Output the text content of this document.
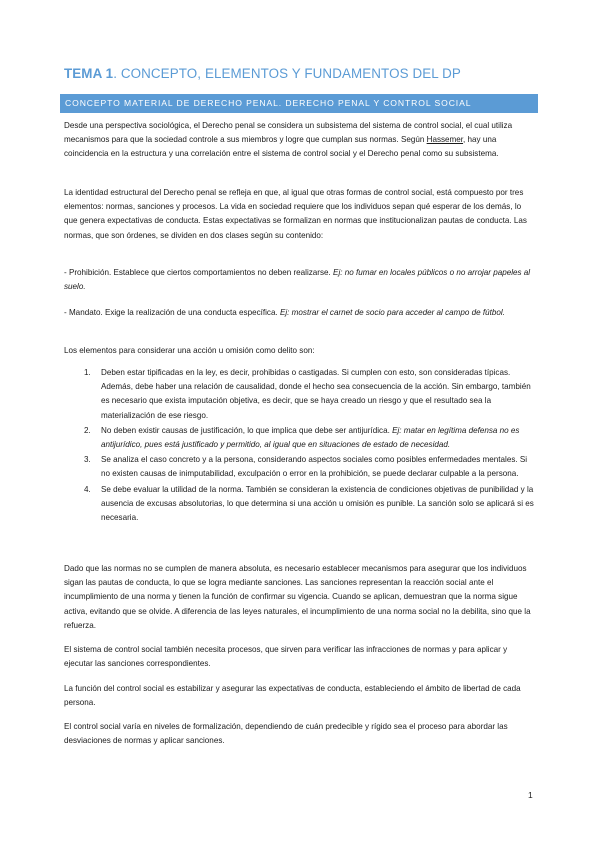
TEMA 1. CONCEPTO, ELEMENTOS Y FUNDAMENTOS DEL DP
CONCEPTO MATERIAL DE DERECHO PENAL. DERECHO PENAL Y CONTROL SOCIAL

Desde una perspectiva sociológica, el Derecho penal se considera un subsistema del sistema de control social, el cual utiliza mecanismos para que la sociedad controle a sus miembros y logre que cumplan sus normas. Según Hassemer, hay una coincidencia en la estructura y una correlación entre el sistema de control social y el Derecho penal como su subsistema.

La identidad estructural del Derecho penal se refleja en que, al igual que otras formas de control social, está compuesto por tres elementos: normas, sanciones y procesos. La vida en sociedad requiere que los individuos sepan qué esperar de los demás, lo que genera expectativas de conducta. Estas expectativas se formalizan en normas que institucionalizan pautas de conducta. Las normas, que son órdenes, se dividen en dos clases según su contenido:

- Prohibición. Establece que ciertos comportamientos no deben realizarse. Ej: no fumar en locales públicos o no arrojar papeles al suelo.

- Mandato. Exige la realización de una conducta específica. Ej: mostrar el carnet de socio para acceder al campo de fútbol.

Los elementos para considerar una acción u omisión como delito son:

1. Deben estar tipificadas en la ley, es decir, prohibidas o castigadas. Si cumplen con esto, son consideradas típicas. Además, debe haber una relación de causalidad, donde el hecho sea consecuencia de la acción. Sin embargo, también es necesario que exista imputación objetiva, es decir, que se haya creado un riesgo y que el resultado sea la materialización de ese riesgo.
2. No deben existir causas de justificación, lo que implica que debe ser antijurídica. Ej: matar en legítima defensa no es antijurídico, pues está justificado y permitido, al igual que en situaciones de estado de necesidad.
3. Se analiza el caso concreto y a la persona, considerando aspectos sociales como posibles enfermedades mentales. Si no existen causas de inimputabilidad, exculpación o error en la prohibición, se puede declarar culpable a la persona.
4. Se debe evaluar la utilidad de la norma. También se consideran la existencia de condiciones objetivas de punibilidad y la ausencia de excusas absolutorias, lo que determina si una acción u omisión es punible. La sanción solo se aplicará si es necesaria.

Dado que las normas no se cumplen de manera absoluta, es necesario establecer mecanismos para asegurar que los individuos sigan las pautas de conducta, lo que se logra mediante sanciones. Las sanciones representan la reacción social ante el incumplimiento de una norma y tienen la función de confirmar su vigencia. Cuando se aplican, demuestran que la norma sigue activa, evitando que se olvide. A diferencia de las leyes naturales, el incumplimiento de una norma social no la debilita, sino que la refuerza.

El sistema de control social también necesita procesos, que sirven para verificar las infracciones de normas y para aplicar y ejecutar las sanciones correspondientes.

La función del control social es estabilizar y asegurar las expectativas de conducta, estableciendo el ámbito de libertad de cada persona.

El control social varía en niveles de formalización, dependiendo de cuán predecible y rígido sea el proceso para abordar las desviaciones de normas y aplicar sanciones.

1
